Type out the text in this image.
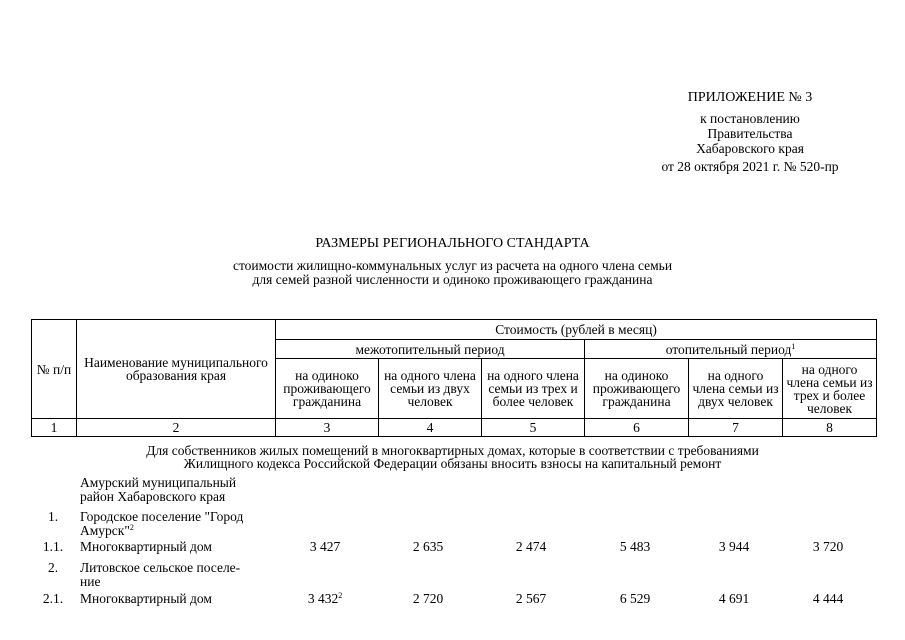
ПРИЛОЖЕНИЕ № 3
к постановлению
Правительства
Хабаровского края
от 28 октября 2021 г. № 520-пр
РАЗМЕРЫ РЕГИОНАЛЬНОГО СТАНДАРТА
стоимости жилищно-коммунальных услуг из расчета на одного члена семьи
для семей разной численности и одиноко проживающего гражданина
№ п/п	Наименование муниципального образования края	Стоимость (рублей в месяц)					
		межотопительный период			отопительный период$^1$
		на одиноко проживающего гражданина	на одного члена семьи из двух человек	на одного члена семьи из трех и более человек	на одиноко проживающего гражданина	на одного члена семьи из двух человек	на одного члена семьи из трех и более человек
1	2	3	4	5	6	7	8
Для собственников жилых помещений в многоквартирных домах, которые в соответствии с требованиями
Жилищного кодекса Российской Федерации обязаны вносить взносы на капитальный ремонт
Амурский муниципальный
район Хабаровского края
1.	Городское поселение "Город
Амурск"$^2$
1.1.	Многоквартирный дом	3 427	2 635	2 474	5 483	3 944	3 720
2.	Литовское сельское поселе-
ние
2.1.	Многоквартирный дом	3 $432^2$	2 720	2 567	6 529	4 691	4 444
